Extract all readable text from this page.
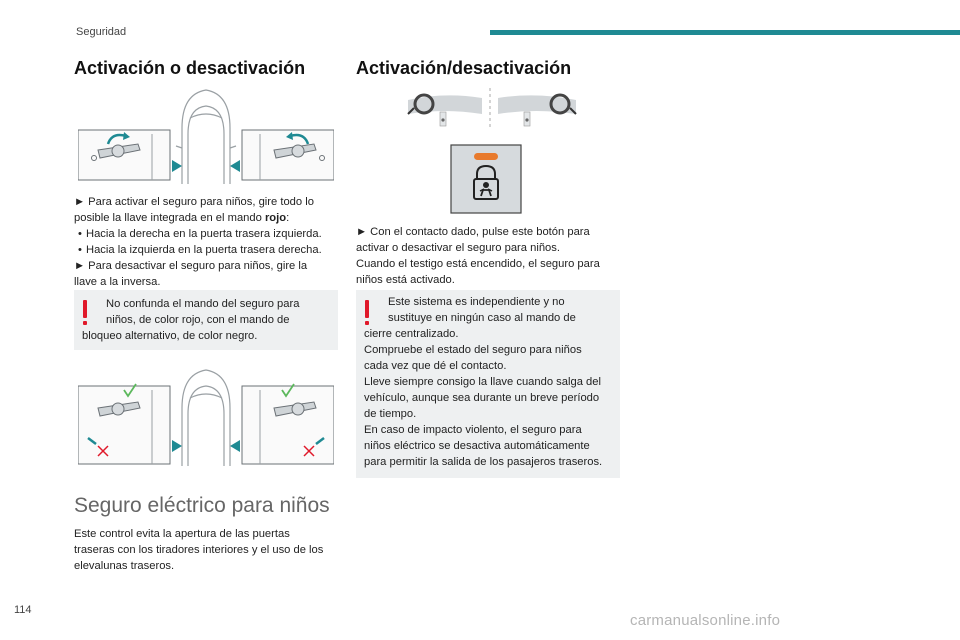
Seguridad
Activación o desactivación
► Para activar el seguro para niños, gire todo lo
posible la llave integrada en el mando rojo:
• Hacia la derecha en la puerta trasera izquierda.
• Hacia la izquierda en la puerta trasera derecha.
► Para desactivar el seguro para niños, gire la
llave a la inversa.
No confunda el mando del seguro para
niños, de color rojo, con el mando de
bloqueo alternativo, de color negro.
Seguro eléctrico para niños
Este control evita la apertura de las puertas
traseras con los tiradores interiores y el uso de los
elevalunas traseros.
Activación/desactivación
► Con el contacto dado, pulse este botón para
activar o desactivar el seguro para niños.
Cuando el testigo está encendido, el seguro para
niños está activado.
Este sistema es independiente y no
sustituye en ningún caso al mando de
cierre centralizado.
Compruebe el estado del seguro para niños
cada vez que dé el contacto.
Lleve siempre consigo la llave cuando salga del
vehículo, aunque sea durante un breve período
de tiempo.
En caso de impacto violento, el seguro para
niños eléctrico se desactiva automáticamente
para permitir la salida de los pasajeros traseros.
114
carmanualsonline.info
